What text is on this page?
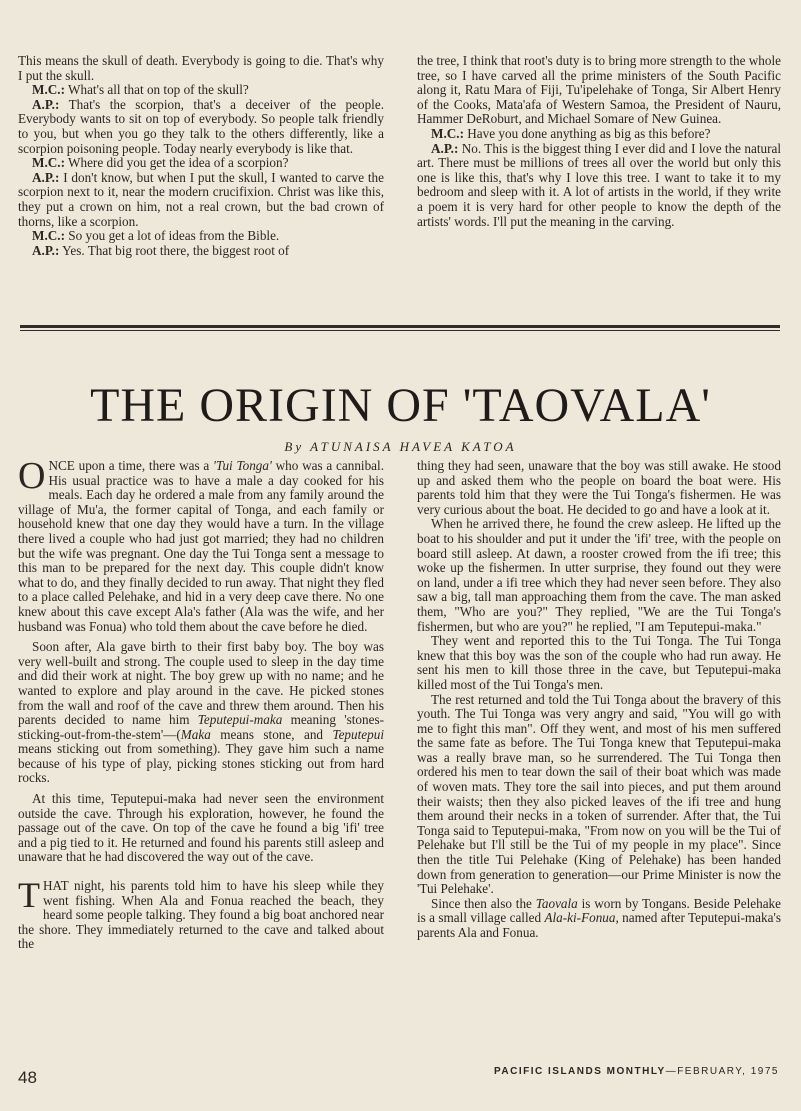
This means the skull of death. Everybody is going to die. That's why I put the skull.

M.C.: What's all that on top of the skull?

A.P.: That's the scorpion, that's a deceiver of the people. Everybody wants to sit on top of everybody. So people talk friendly to you, but when you go they talk to the others differently, like a scorpion poisoning people. Today nearly everybody is like that.

M.C.: Where did you get the idea of a scorpion?

A.P.: I don't know, but when I put the skull, I wanted to carve the scorpion next to it, near the modern crucifixion. Christ was like this, they put a crown on him, not a real crown, but the bad crown of thorns, like a scorpion.

M.C.: So you get a lot of ideas from the Bible.

A.P.: Yes. That big root there, the biggest root of

the tree, I think that root's duty is to bring more strength to the whole tree, so I have carved all the prime ministers of the South Pacific along it, Ratu Mara of Fiji, Tu'ipelehake of Tonga, Sir Albert Henry of the Cooks, Mata'afa of Western Samoa, the President of Nauru, Hammer DeRoburt, and Michael Somare of New Guinea.

M.C.: Have you done anything as big as this before?

A.P.: No. This is the biggest thing I ever did and I love the natural art. There must be millions of trees all over the world but only this one is like this, that's why I love this tree. I want to take it to my bedroom and sleep with it. A lot of artists in the world, if they write a poem it is very hard for other people to know the depth of the artists' words. I'll put the meaning in the carving.

THE ORIGIN OF 'TAOVALA'
By ATUNAISA HAVEA KATOA

ONCE upon a time, there was a 'Tui Tonga' who was a cannibal. His usual practice was to have a male a day cooked for his meals. Each day he ordered a male from any family around the village of Mu'a, the former capital of Tonga, and each family or household knew that one day they would have a turn. In the village there lived a couple who had just got married; they had no children but the wife was pregnant. One day the Tui Tonga sent a message to this man to be prepared for the next day. This couple didn't know what to do, and they finally decided to run away. That night they fled to a place called Pelehake, and hid in a very deep cave there. No one knew about this cave except Ala's father (Ala was the wife, and her husband was Fonua) who told them about the cave before he died.

Soon after, Ala gave birth to their first baby boy. The boy was very well-built and strong. The couple used to sleep in the day time and did their work at night. The boy grew up with no name; and he wanted to explore and play around in the cave. He picked stones from the wall and roof of the cave and threw them around. Then his parents decided to name him Teputepui-maka meaning 'stones-sticking-out-from-the-stem'—(Maka means stone, and Teputepui means sticking out from something). They gave him such a name because of his type of play, picking stones sticking out from hard rocks.

At this time, Teputepui-maka had never seen the environment outside the cave. Through his exploration, however, he found the passage out of the cave. On top of the cave he found a big 'ifi' tree and a pig tied to it. He returned and found his parents still asleep and unaware that he had discovered the way out of the cave.

THAT night, his parents told him to have his sleep while they went fishing. When Ala and Fonua reached the beach, they heard some people talking. They found a big boat anchored near the shore. They immediately returned to the cave and talked about the

thing they had seen, unaware that the boy was still awake. He stood up and asked them who the people on board the boat were. His parents told him that they were the Tui Tonga's fishermen. He was very curious about the boat. He decided to go and have a look at it.

When he arrived there, he found the crew asleep. He lifted up the boat to his shoulder and put it under the 'ifi' tree, with the people on board still asleep. At dawn, a rooster crowed from the ifi tree; this woke up the fishermen. In utter surprise, they found out they were on land, under a ifi tree which they had never seen before. They also saw a big, tall man approaching them from the cave. The man asked them, "Who are you?" They replied, "We are the Tui Tonga's fishermen, but who are you?" he replied, "I am Teputepui-maka."

They went and reported this to the Tui Tonga. The Tui Tonga knew that this boy was the son of the couple who had run away. He sent his men to kill those three in the cave, but Teputepui-maka killed most of the Tui Tonga's men.

The rest returned and told the Tui Tonga about the bravery of this youth. The Tui Tonga was very angry and said, "You will go with me to fight this man". Off they went, and most of his men suffered the same fate as before. The Tui Tonga knew that Teputepui-maka was a really brave man, so he surrendered. The Tui Tonga then ordered his men to tear down the sail of their boat which was made of woven mats. They tore the sail into pieces, and put them around their waists; then they also picked leaves of the ifi tree and hung them around their necks in a token of surrender. After that, the Tui Tonga said to Teputepui-maka, "From now on you will be the Tui of Pelehake but I'll still be the Tui of my people in my place". Since then the title Tui Pelehake (King of Pelehake) has been handed down from generation to generation—our Prime Minister is now the 'Tui Pelehake'.

Since then also the Taovala is worn by Tongans. Beside Pelehake is a small village called Ala-ki-Fonua, named after Teputepui-maka's parents Ala and Fonua.

48	PACIFIC ISLANDS MONTHLY—FEBRUARY, 1975
